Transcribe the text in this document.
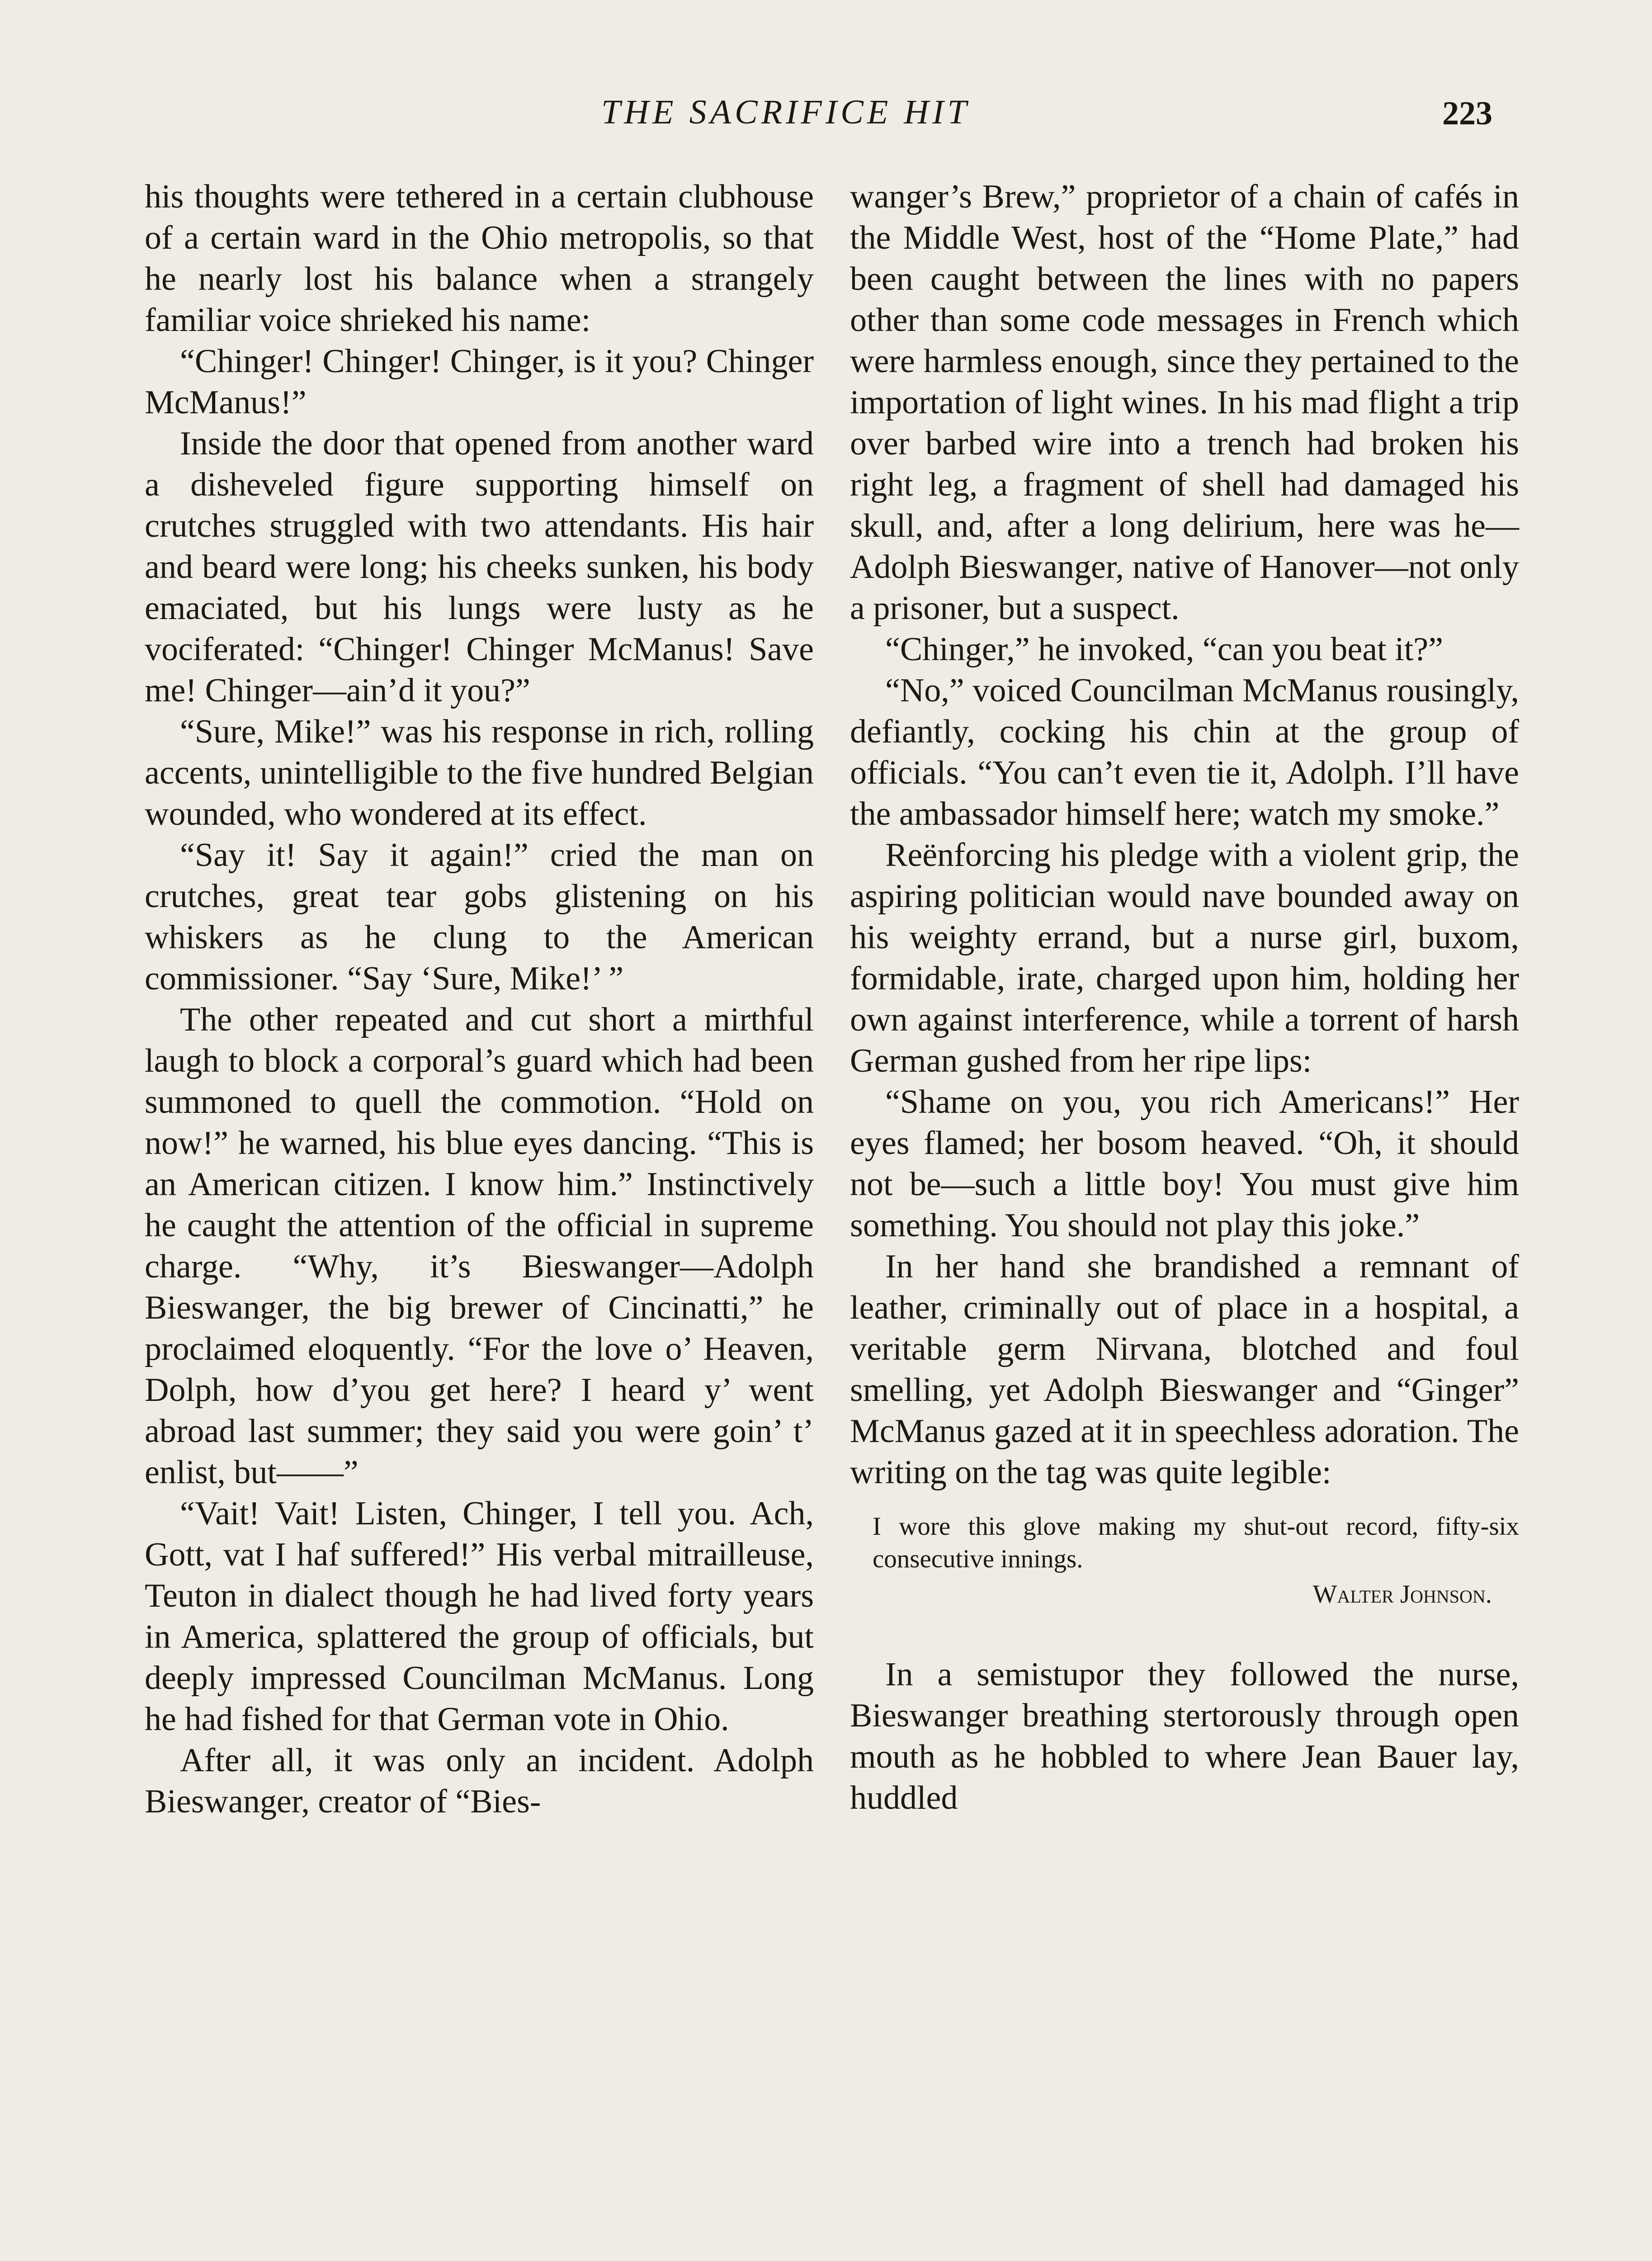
THE SACRIFICE HIT	223

his thoughts were tethered in a certain clubhouse of a certain ward in the Ohio metropolis, so that he nearly lost his balance when a strangely familiar voice shrieked his name:

“Chinger! Chinger! Chinger, is it you? Chinger McManus!”

Inside the door that opened from another ward a disheveled figure supporting himself on crutches struggled with two attendants. His hair and beard were long; his cheeks sunken, his body emaciated, but his lungs were lusty as he vociferated: “Chinger! Chinger McManus! Save me! Chinger—ain’d it you?”

“Sure, Mike!” was his response in rich, rolling accents, unintelligible to the five hundred Belgian wounded, who wondered at its effect.

“Say it! Say it again!” cried the man on crutches, great tear gobs glistening on his whiskers as he clung to the American commissioner. “Say ‘Sure, Mike!’ ”

The other repeated and cut short a mirthful laugh to block a corporal’s guard which had been summoned to quell the commotion. “Hold on now!” he warned, his blue eyes dancing. “This is an American citizen. I know him.” Instinctively he caught the attention of the official in supreme charge. “Why, it’s Bieswanger—Adolph Bieswanger, the big brewer of Cincinatti,” he proclaimed eloquently. “For the love o’ Heaven, Dolph, how d’you get here? I heard y’ went abroad last summer; they said you were goin’ t’ enlist, but——”

“Vait! Vait! Listen, Chinger, I tell you. Ach, Gott, vat I haf suffered!” His verbal mitrailleuse, Teuton in dialect though he had lived forty years in America, splattered the group of officials, but deeply impressed Councilman McManus. Long he had fished for that German vote in Ohio.

After all, it was only an incident. Adolph Bieswanger, creator of “Bies-

wanger’s Brew,” proprietor of a chain of cafés in the Middle West, host of the “Home Plate,” had been caught between the lines with no papers other than some code messages in French which were harmless enough, since they pertained to the importation of light wines. In his mad flight a trip over barbed wire into a trench had broken his right leg, a fragment of shell had damaged his skull, and, after a long delirium, here was he—Adolph Bieswanger, native of Hanover—not only a prisoner, but a suspect.

“Chinger,” he invoked, “can you beat it?”

“No,” voiced Councilman McManus rousingly, defiantly, cocking his chin at the group of officials. “You can’t even tie it, Adolph. I’ll have the ambassador himself here; watch my smoke.”

Reënforcing his pledge with a violent grip, the aspiring politician would nave bounded away on his weighty errand, but a nurse girl, buxom, formidable, irate, charged upon him, holding her own against interference, while a torrent of harsh German gushed from her ripe lips:

“Shame on you, you rich Americans!” Her eyes flamed; her bosom heaved. “Oh, it should not be—such a little boy! You must give him something. You should not play this joke.”

In her hand she brandished a remnant of leather, criminally out of place in a hospital, a veritable germ Nirvana, blotched and foul smelling, yet Adolph Bieswanger and “Ginger” McManus gazed at it in speechless adoration. The writing on the tag was quite legible:

I wore this glove making my shut-out record, fifty-six consecutive innings.

Walter Johnson.

In a semistupor they followed the nurse, Bieswanger breathing stertorously through open mouth as he hobbled to where Jean Bauer lay, huddled
